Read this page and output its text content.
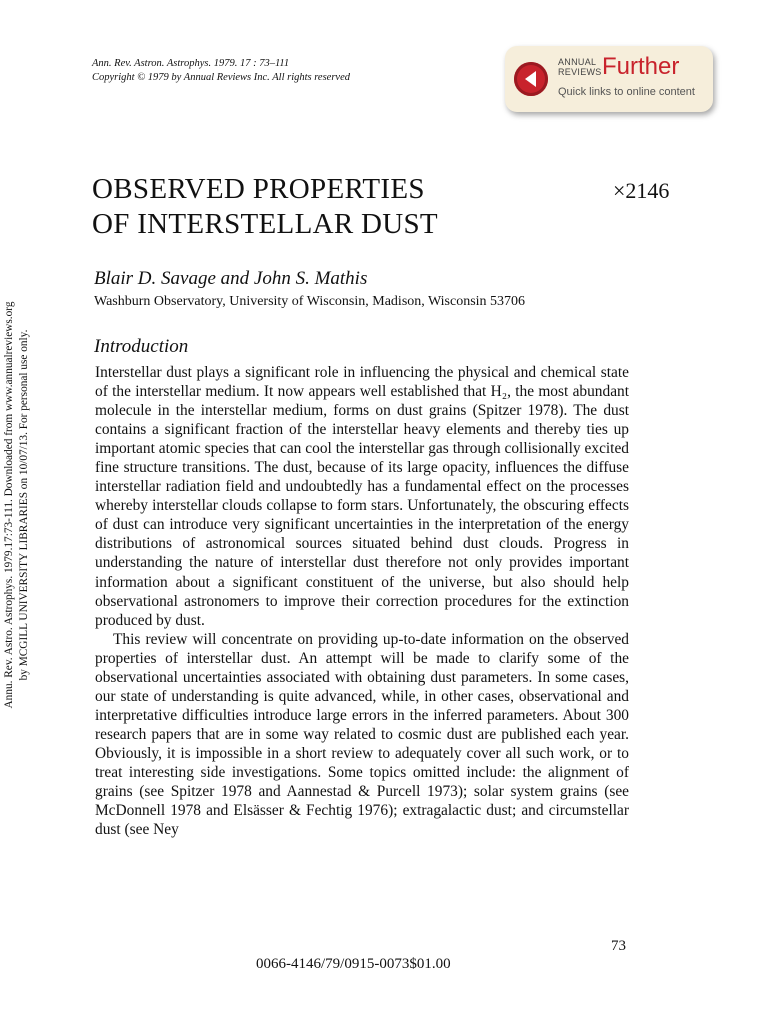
Ann. Rev. Astron. Astrophys. 1979. 17 : 73–111
Copyright © 1979 by Annual Reviews Inc. All rights reserved
ANNUAL
REVIEWS Further
Quick links to online content
OBSERVED PROPERTIES
OF INTERSTELLAR DUST
×2146
Blair D. Savage and John S. Mathis
Washburn Observatory, University of Wisconsin, Madison, Wisconsin 53706
Introduction

Interstellar dust plays a significant role in influencing the physical and chemical state of the interstellar medium. It now appears well established that H₂, the most abundant molecule in the interstellar medium, forms on dust grains (Spitzer 1978). The dust contains a significant fraction of the interstellar heavy elements and thereby ties up important atomic species that can cool the interstellar gas through collisionally excited fine structure transitions. The dust, because of its large opacity, influences the diffuse interstellar radiation field and undoubtedly has a fundamental effect on the processes whereby interstellar clouds collapse to form stars. Unfortunately, the obscuring effects of dust can introduce very significant uncertainties in the interpretation of the energy distributions of astronomical sources situated behind dust clouds. Progress in understanding the nature of interstellar dust therefore not only provides important information about a significant constituent of the universe, but also should help observational astronomers to improve their correction procedures for the extinction produced by dust.

This review will concentrate on providing up-to-date information on the observed properties of interstellar dust. An attempt will be made to clarify some of the observational uncertainties associated with obtaining dust parameters. In some cases, our state of understanding is quite advanced, while, in other cases, observational and interpretative difficulties introduce large errors in the inferred parameters. About 300 research papers that are in some way related to cosmic dust are published each year. Obviously, it is impossible in a short review to adequately cover all such work, or to treat interesting side investigations. Some topics omitted include: the alignment of grains (see Spitzer 1978 and Aannestad & Purcell 1973); solar system grains (see McDonnell 1978 and Elsässer & Fechtig 1976); extragalactic dust; and circumstellar dust (see Ney

73
0066-4146/79/0915-0073$01.00
Annu. Rev. Astro. Astrophys. 1979.17:73-111. Downloaded from www.annualreviews.org by MCGILL UNIVERSITY LIBRARIES on 10/07/13. For personal use only.
